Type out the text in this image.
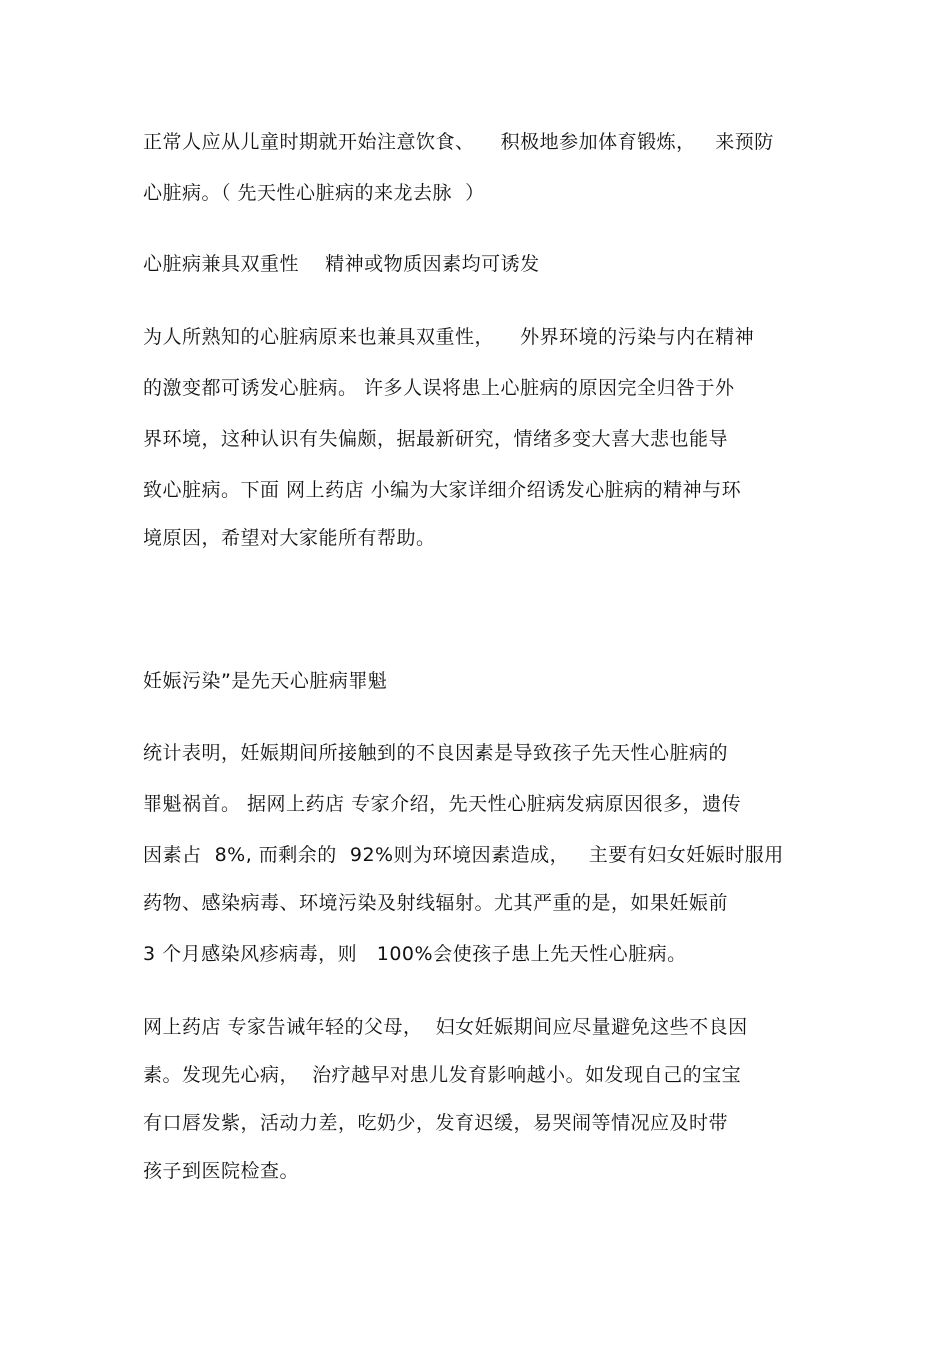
正常人应从儿童时期就开始注意饮食、    积极地参加体育锻炼，   来预防
心脏病。（ 先天性心脏病的来龙去脉  ）
心脏病兼具双重性    精神或物质因素均可诱发
为人所熟知的心脏病原来也兼具双重性，    外界环境的污染与内在精神
的激变都可诱发心脏病。 许多人误将患上心脏病的原因完全归咎于外
界环境，这种认识有失偏颇，据最新研究，情绪多变大喜大悲也能导
致心脏病。下面 网上药店 小编为大家详细介绍诱发心脏病的精神与环
境原因，希望对大家能所有帮助。
妊娠污染”是先天心脏病罪魁
统计表明，妊娠期间所接触到的不良因素是导致孩子先天性心脏病的
罪魁祸首。 据网上药店 专家介绍，先天性心脏病发病原因很多，遗传
因素占  8%, 而剩余的  92%则为环境因素造成，   主要有妇女妊娠时服用
药物、感染病毒、环境污染及射线辐射。尤其严重的是，如果妊娠前
3 个月感染风疹病毒，则   100%会使孩子患上先天性心脏病。
网上药店 专家告诫年轻的父母，  妇女妊娠期间应尽量避免这些不良因
素。发现先心病，  治疗越早对患儿发育影响越小。如发现自己的宝宝
有口唇发紫，活动力差，吃奶少，发育迟缓，易哭闹等情况应及时带
孩子到医院检查。
